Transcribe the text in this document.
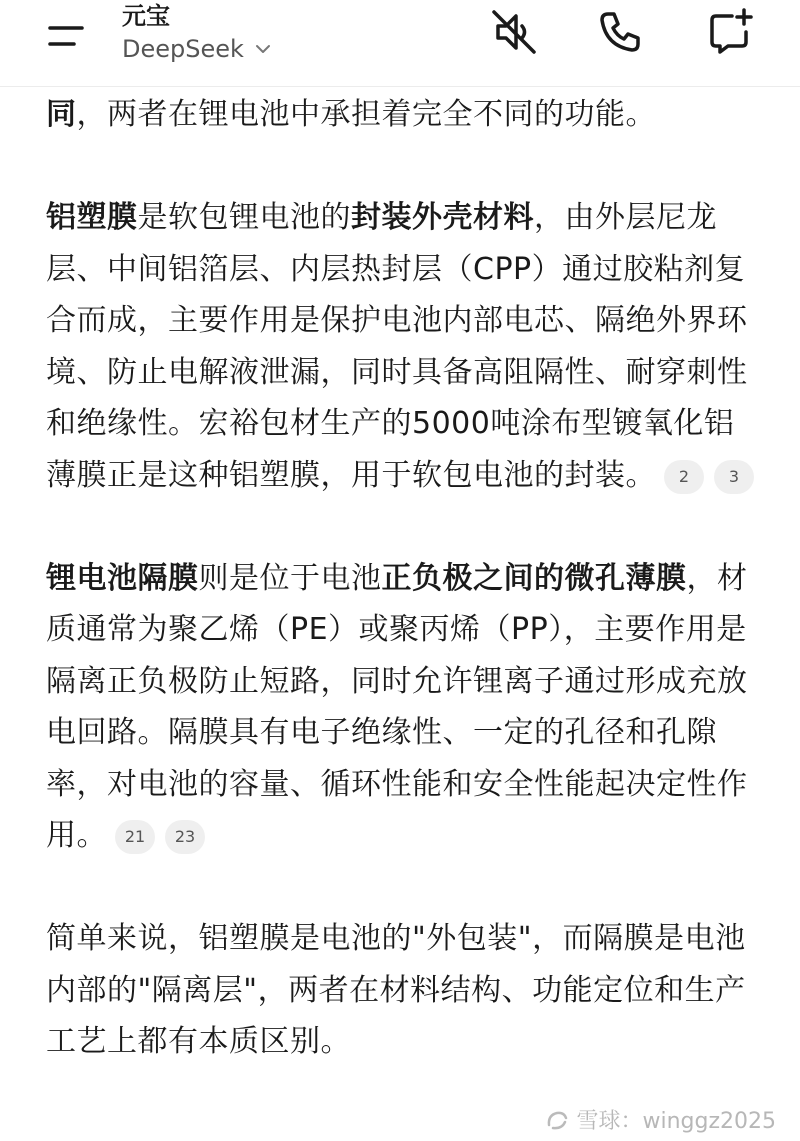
元宝
DeepSeek
同，两者在锂电池中承担着完全不同的功能。
铝塑膜是软包锂电池的封装外壳材料，由外层尼龙层、中间铝箔层、内层热封层（CPP）通过胶粘剂复合而成，主要作用是保护电池内部电芯、隔绝外界环境、防止电解液泄漏，同时具备高阻隔性、耐穿刺性和绝缘性。宏裕包材生产的5000吨涂布型镀氧化铝薄膜正是这种铝塑膜，用于软包电池的封装。 2 3
锂电池隔膜则是位于电池正负极之间的微孔薄膜，材质通常为聚乙烯（PE）或聚丙烯（PP），主要作用是隔离正负极防止短路，同时允许锂离子通过形成充放电回路。隔膜具有电子绝缘性、一定的孔径和孔隙率，对电池的容量、循环性能和安全性能起决定性作用。 21 23
简单来说，铝塑膜是电池的"外包装"，而隔膜是电池内部的"隔离层"，两者在材料结构、功能定位和生产工艺上都有本质区别。
雪球：winggz2025
